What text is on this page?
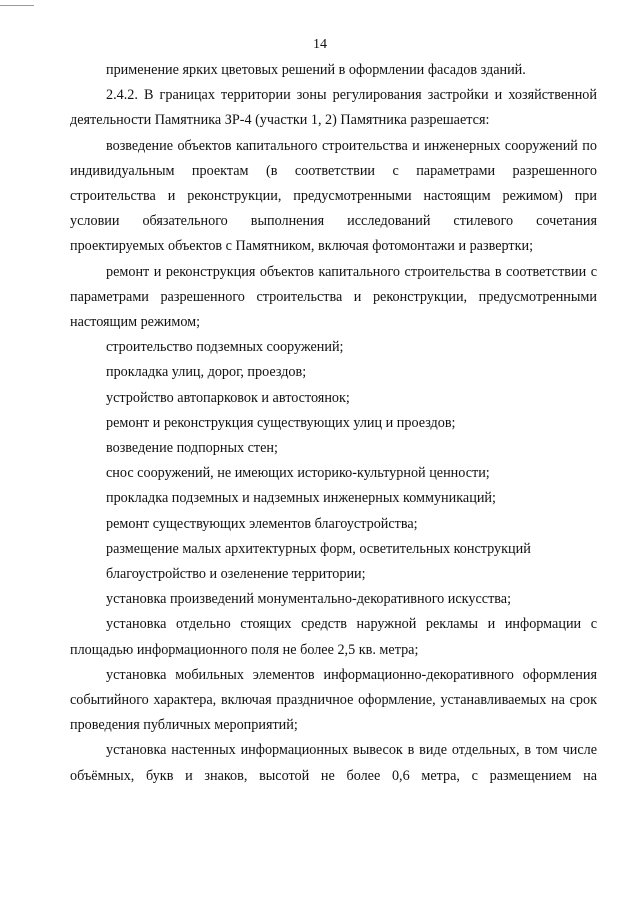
14

применение ярких цветовых решений в оформлении фасадов зданий.

2.4.2. В границах территории зоны регулирования застройки и хозяйственной деятельности Памятника ЗР-4 (участки 1, 2) Памятника разрешается:

возведение объектов капитального строительства и инженерных сооружений по индивидуальным проектам (в соответствии с параметрами разрешенного строительства и реконструкции, предусмотренными настоящим режимом) при условии обязательного выполнения исследований стилевого сочетания проектируемых объектов с Памятником, включая фотомонтажи и развертки;

ремонт и реконструкция объектов капитального строительства в соответствии с параметрами разрешенного строительства и реконструкции, предусмотренными настоящим режимом;

строительство подземных сооружений;

прокладка улиц, дорог, проездов;

устройство автопарковок и автостоянок;

ремонт и реконструкция существующих улиц и проездов;

возведение подпорных стен;

снос сооружений, не имеющих историко-культурной ценности;

прокладка подземных и надземных инженерных коммуникаций;

ремонт существующих элементов благоустройства;

размещение малых архитектурных форм, осветительных конструкций

благоустройство и озеленение территории;

установка произведений монументально-декоративного искусства;

установка отдельно стоящих средств наружной рекламы и информации с площадью информационного поля не более 2,5 кв. метра;

установка мобильных элементов информационно-декоративного оформления событийного характера, включая праздничное оформление, устанавливаемых на срок проведения публичных мероприятий;

установка настенных информационных вывесок в виде отдельных, в том числе объёмных, букв и знаков, высотой не более 0,6 метра, с размещением на
